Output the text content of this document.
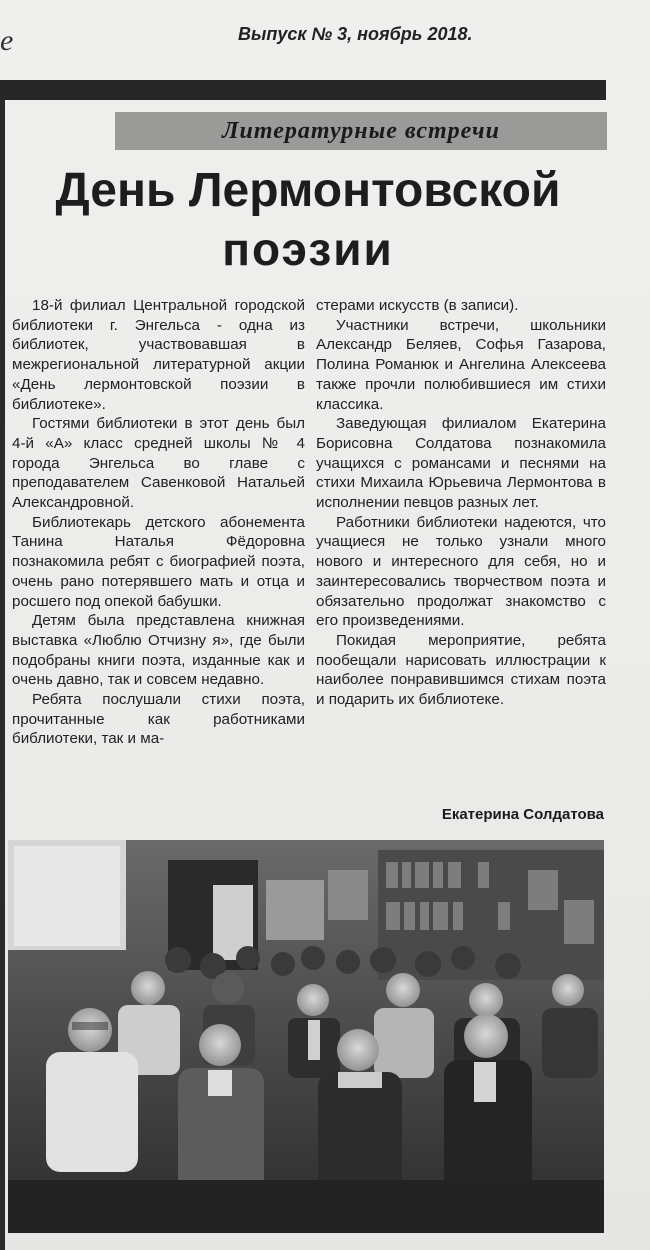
e	Выпуск № 3, ноябрь 2018.
Литературные встречи
День Лермонтовской
поэзии

18-й филиал Центральной городской библиотеки г. Энгельса - одна из библиотек, участвовавшая в межрегиональной литературной акции «День лермонтовской поэзии в библиотеке».

Гостями библиотеки в этот день был 4-й «А» класс средней школы № 4 города Энгельса во главе с преподавателем Савенковой Натальей Александровной.

Библиотекарь детского абонемента Танина Наталья Фёдоровна познакомила ребят с биографией поэта, очень рано потерявшего мать и отца и росшего под опекой бабушки.

Детям была представлена книжная выставка «Люблю Отчизну я», где были подобраны книги поэта, изданные как и очень давно, так и совсем недавно.

Ребята послушали стихи поэта, прочитанные как работниками библиотеки, так и ма-

стерами искусств (в записи).

Участники встречи, школьники Александр Беляев, Софья Газарова, Полина Романюк и Ангелина Алексеева также прочли полюбившиеся им стихи классика.

Заведующая филиалом Екатерина Борисовна Солдатова познакомила учащихся с романсами и песнями на стихи Михаила Юрьевича Лермонтова в исполнении певцов разных лет.

Работники библиотеки надеются, что учащиеся не только узнали много нового и интересного для себя, но и заинтересовались творчеством поэта и обязательно продолжат знакомство с его произведениями.

Покидая мероприятие, ребята пообещали нарисовать иллюстрации к наиболее понравившимся стихам поэта и подарить их библиотеке.

Екатерина Солдатова
